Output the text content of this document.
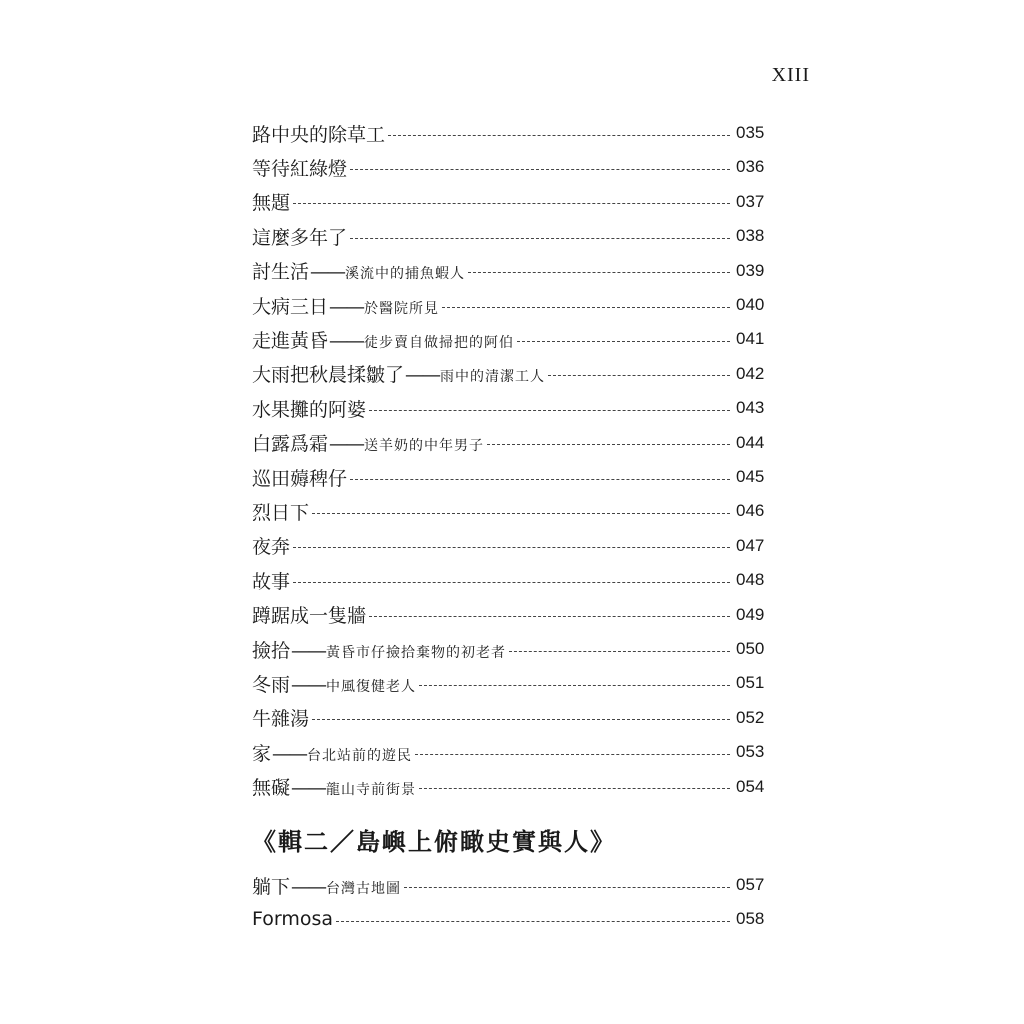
XIII
路中央的除草工	035
等待紅綠燈	036
無題	037
這麼多年了	038
討生活——溪流中的捕魚蝦人	039
大病三日——於醫院所見	040
走進黃昏——徒步賣自做掃把的阿伯	041
大雨把秋晨揉皺了——雨中的清潔工人	042
水果攤的阿婆	043
白露爲霜——送羊奶的中年男子	044
巡田薅稗仔	045
烈日下	046
夜奔	047
故事	048
蹲踞成一隻牆	049
撿拾——黃昏市仔撿拾棄物的初老者	050
冬雨——中風復健老人	051
牛雜湯	052
家——台北站前的遊民	053
無礙——龍山寺前街景	054
《輯二／島嶼上俯瞰史實與人》
躺下——台灣古地圖	057
Formosa	058
